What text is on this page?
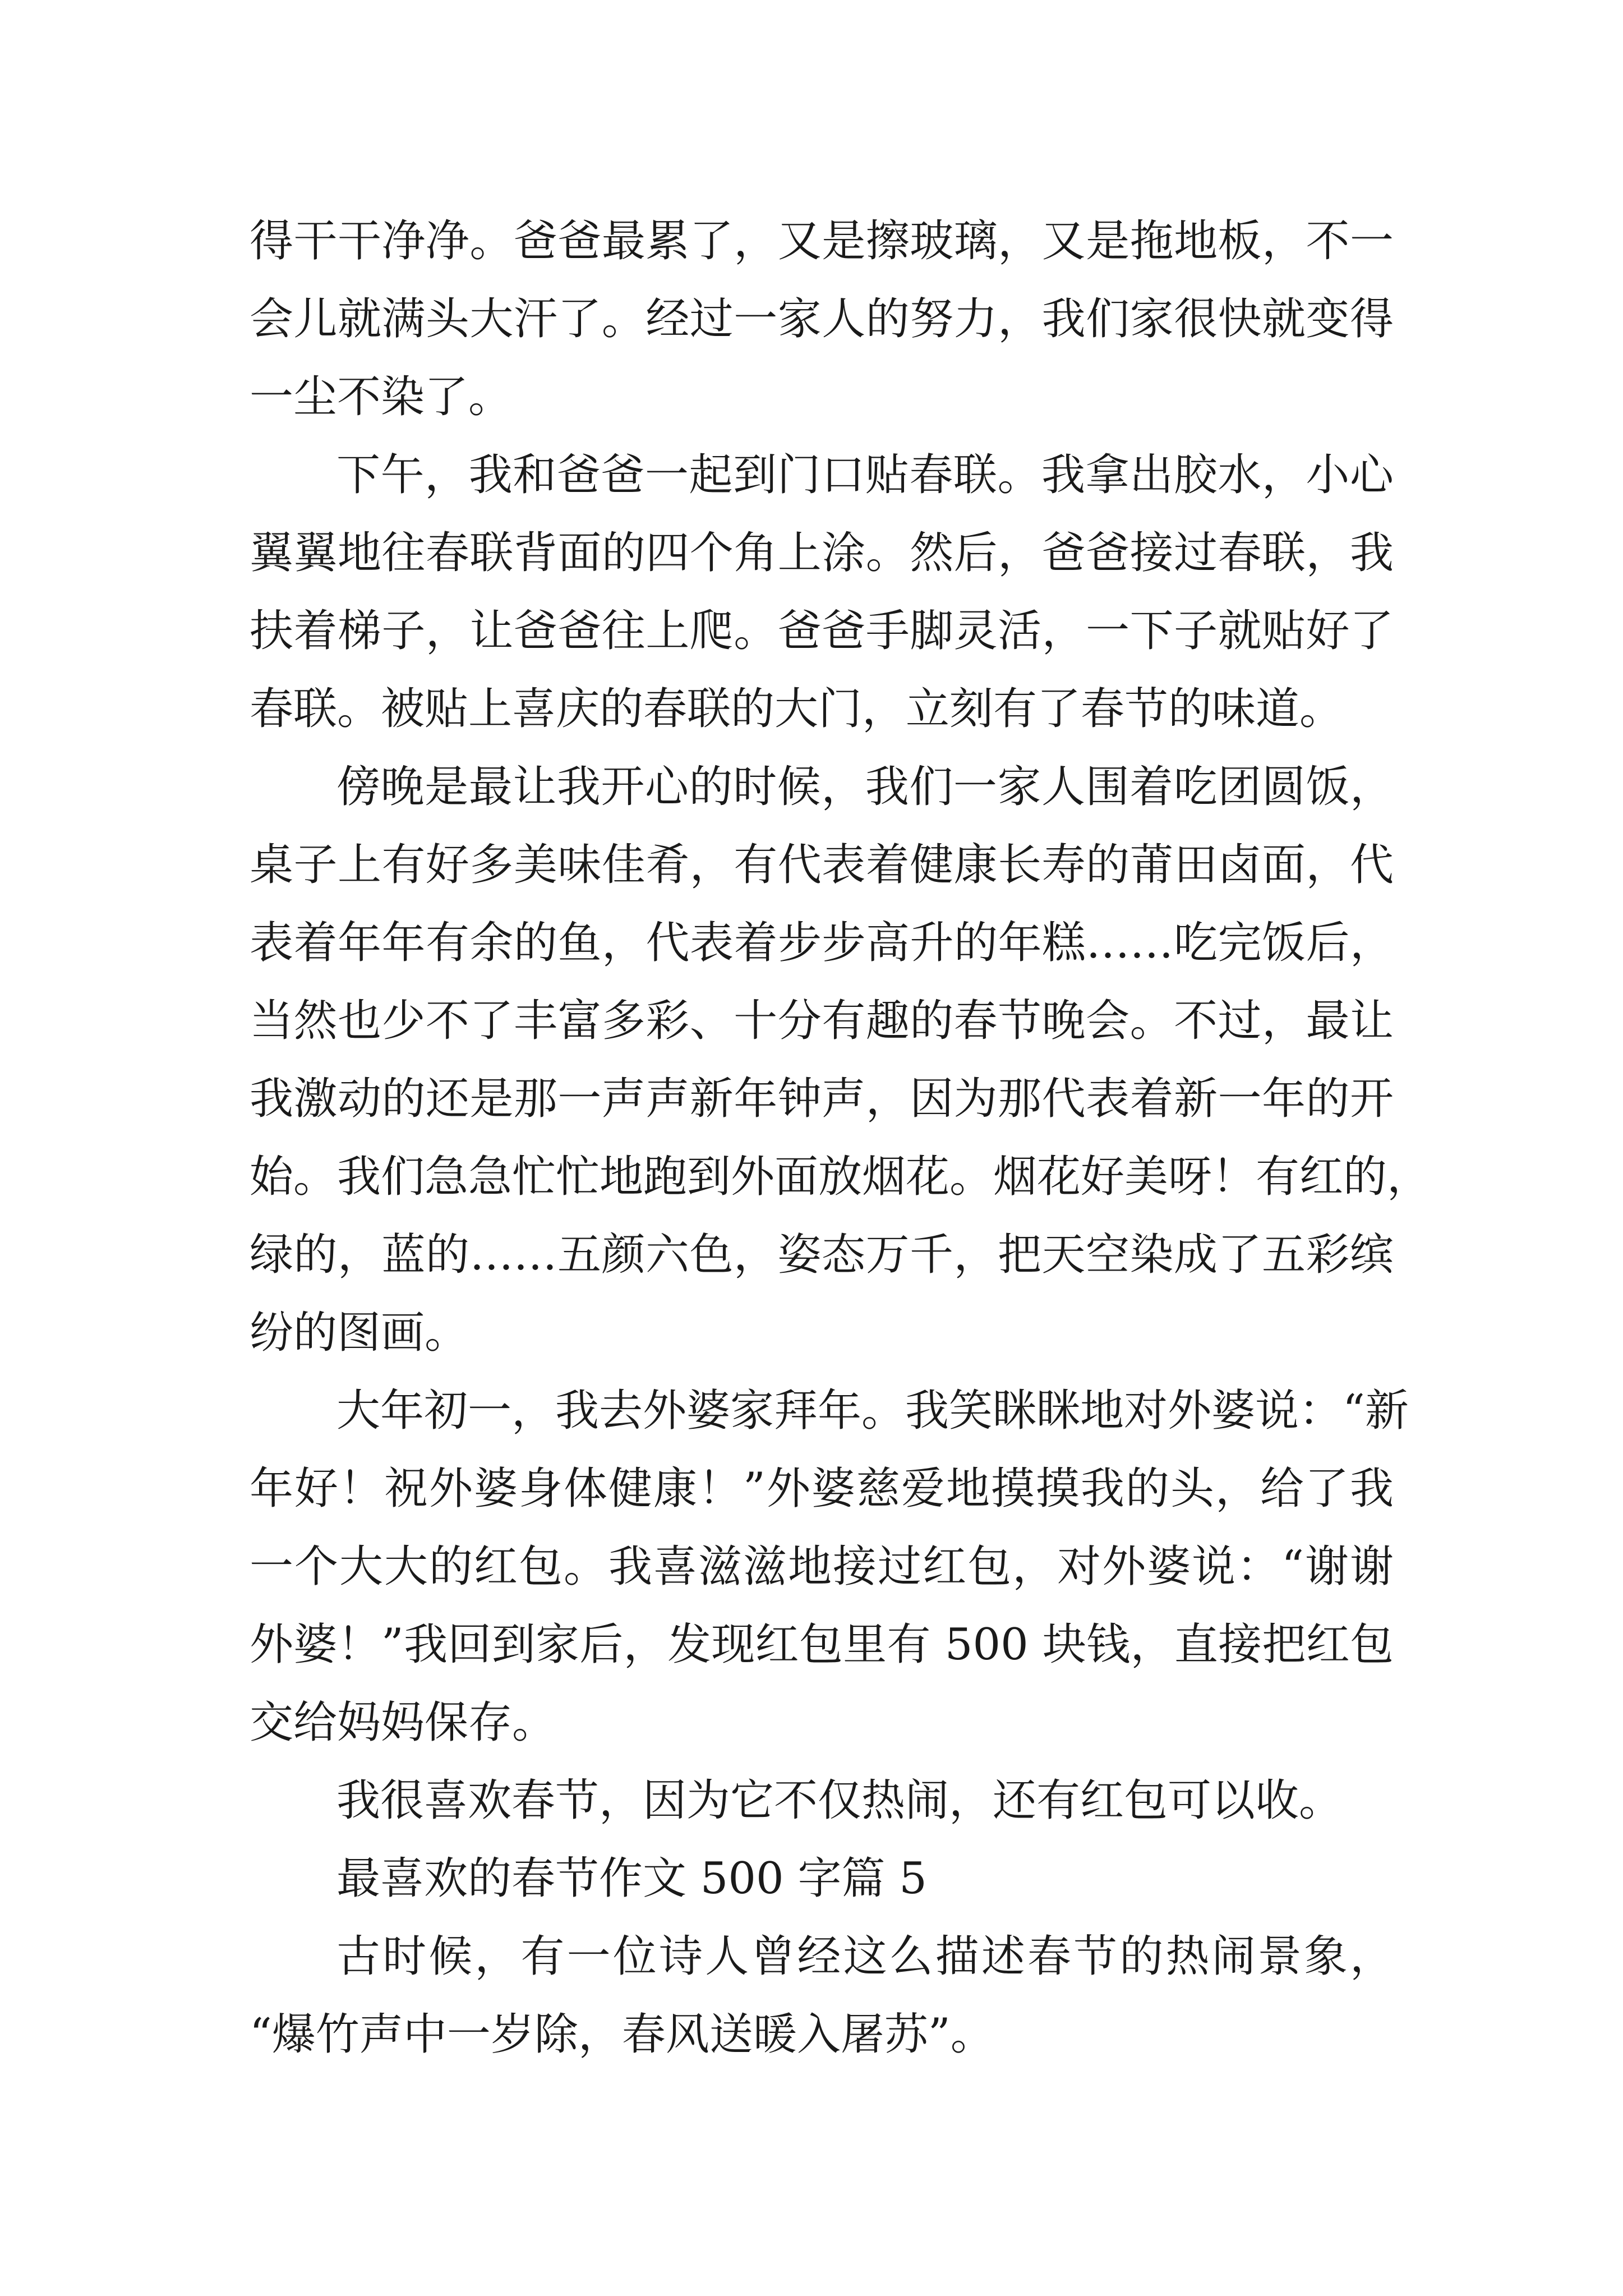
得干干净净。爸爸最累了，又是擦玻璃，又是拖地板，不一
会儿就满头大汗了。经过一家人的努力，我们家很快就变得
一尘不染了。
下午，我和爸爸一起到门口贴春联。我拿出胶水，小心
翼翼地往春联背面的四个角上涂。然后，爸爸接过春联，我
扶着梯子，让爸爸往上爬。爸爸手脚灵活，一下子就贴好了
春联。被贴上喜庆的春联的大门，立刻有了春节的味道。
傍晚是最让我开心的时候，我们一家人围着吃团圆饭，
桌子上有好多美味佳肴，有代表着健康长寿的莆田卤面，代
表着年年有余的鱼，代表着步步高升的年糕……吃完饭后，
当然也少不了丰富多彩、十分有趣的春节晚会。不过，最让
我激动的还是那一声声新年钟声，因为那代表着新一年的开
始。我们急急忙忙地跑到外面放烟花。烟花好美呀！有红的，
绿的，蓝的……五颜六色，姿态万千，把天空染成了五彩缤
纷的图画。
大年初一，我去外婆家拜年。我笑眯眯地对外婆说：“新
年好！祝外婆身体健康！”外婆慈爱地摸摸我的头，给了我
一个大大的红包。我喜滋滋地接过红包，对外婆说：“谢谢
外婆！”我回到家后，发现红包里有 500 块钱，直接把红包
交给妈妈保存。
我很喜欢春节，因为它不仅热闹，还有红包可以收。
最喜欢的春节作文 500 字篇 5
古时候，有一位诗人曾经这么描述春节的热闹景象，
“爆竹声中一岁除，春风送暖入屠苏”。
